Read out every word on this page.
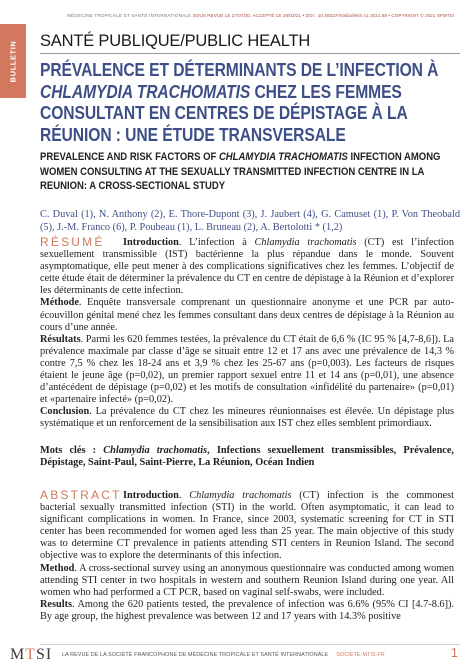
MÉDECINE TROPICALE ET SANTÉ INTERNATIONALE SOUS REVUE LE 27/07/20. ACCEPTÉ LE 28/02/21 • DOI : 10.48327/mtsibulletin.n1.2021.69 • COPYRIGHT © 2021 SFMTSI
BULLETIN SANTÉ PUBLIQUE/PUBLIC HEALTH
PRÉVALENCE ET DÉTERMINANTS DE L’INFECTION À CHLAMYDIA TRACHOMATIS CHEZ LES FEMMES CONSULTANT EN CENTRES DE DÉPISTAGE À LA RÉUNION : UNE ÉTUDE TRANSVERSALE
PREVALENCE AND RISK FACTORS OF CHLAMYDIA TRACHOMATIS INFECTION AMONG WOMEN CONSULTING AT THE SEXUALLY TRANSMITTED INFECTION CENTRE IN LA REUNION: A CROSS-SECTIONAL STUDY
C. Duval (1), N. Anthony (2), E. Thore-Dupont (3), J. Jaubert (4), G. Camuset (1), P. Von Theobald (5), J.-M. Franco (6), P. Poubeau (1), L. Bruneau (2), A. Bertolotti * (1,2)
RÉSUMÉ	Introduction. L’infection à Chlamydia trachomatis (CT) est l’infection sexuellement transmissible (IST) bactérienne la plus répandue dans le monde. Souvent asymptomatique, elle peut mener à des complications significatives chez les femmes. L’objectif de cette étude était de déterminer la prévalence du CT en centre de dépistage à la Réunion et d’explorer les déterminants de cette infection.

Méthode. Enquête transversale comprenant un questionnaire anonyme et une PCR par auto-écouvillon génital mené chez les femmes consultant dans deux centres de dépistage à la Réunion au cours d’une année.

Résultats. Parmi les 620 femmes testées, la prévalence du CT était de 6,6 % (IC 95 % [4,7-8,6]). La prévalence maximale par classe d’âge se situait entre 12 et 17 ans avec une prévalence de 14,3 % contre 7,5 % chez les 18-24 ans et 3,9 % chez les 25-67 ans (p=0,003). Les facteurs de risques étaient le jeune âge (p=0,02), un premier rapport sexuel entre 11 et 14 ans (p=0,01), une absence d’antécédent de dépistage (p=0,02) et les motifs de consultation «infidélité du partenaire» (p=0,01) et «partenaire infecté» (p=0,02).

Conclusion. La prévalence du CT chez les mineures réunionnaises est élevée. Un dépistage plus systématique et un renforcement de la sensibilisation aux IST chez elles semblent primordiaux.

Mots clés : Chlamydia trachomatis, Infections sexuellement transmissibles, Prévalence, Dépistage, Saint-Paul, Saint-Pierre, La Réunion, Océan Indien
ABSTRACT Introduction. Chlamydia trachomatis (CT) infection is the commonest bacterial sexually transmitted infection (STI) in the world. Often asymptomatic, it can lead to significant complications in women. In France, since 2003, systematic screening for CT in STI center has been recommended for women aged less than 25 year. The main objective of this study was to determine CT prevalence in patients attending STI centers in Reunion Island. The second objective was to explore the determinants of this infection.

Method. A cross-sectional survey using an anonymous questionnaire was conducted among women attending STI center in two hospitals in western and southern Reunion Island during one year. All women who had performed a CT PCR, based on vaginal self-swabs, were included.

Results. Among the 620 patients tested, the prevalence of infection was 6.6% (95% CI [4.7-8.6]). By age group, the highest prevalence was between 12 and 17 years with 14.3% positive

MTSI LA REVUE DE LA SOCIÉTÉ FRANCOPHONE DE MÉDECINE TROPICALE ET SANTÉ INTERNATIONALE SOCIETE-MTSI.FR	1
